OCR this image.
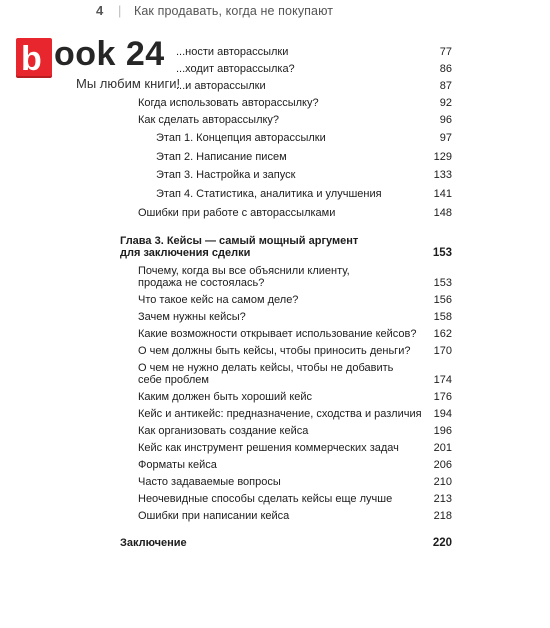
4 | Как продавать, когда не покупают
...ности авторассылки	77
...ходит авторассылка?	86
...и авторассылки	87
Когда использовать авторассылку?	92
Как сделать авторассылку?	96
Этап 1. Концепция авторассылки	97
Этап 2. Написание писем	129
Этап 3. Настройка и запуск	133
Этап 4. Статистика, аналитика и улучшения	141
Ошибки при работе с авторассылками	148
Глава 3. Кейсы — самый мощный аргумент
для заключения сделки	153
Почему, когда вы все объяснили клиенту,
продажа не состоялась?	153
Что такое кейс на самом деле?	156
Зачем нужны кейсы?	158
Какие возможности открывает использование кейсов? 162
О чем должны быть кейсы, чтобы приносить деньги? 170
О чем не нужно делать кейсы, чтобы не добавить
себе проблем	174
Каким должен быть хороший кейс	176
Кейс и антикейс: предназначение, сходства и различия 194
Как организовать создание кейса	196
Кейс как инструмент решения коммерческих задач	201
Форматы кейса	206
Часто задаваемые вопросы	210
Неочевидные способы сделать кейсы еще лучше	213
Ошибки при написании кейса	218
Заключение	220
b ook 24
Мы любим книги!
